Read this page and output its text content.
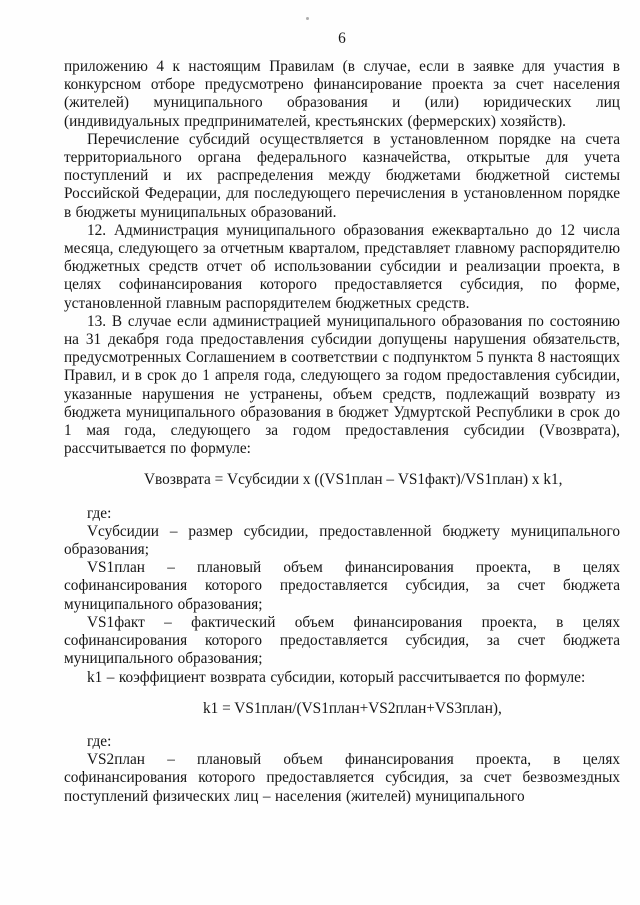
6

приложению 4 к настоящим Правилам (в случае, если в заявке для участия в конкурсном отборе предусмотрено финансирование проекта за счет населения (жителей) муниципального образования и (или) юридических лиц (индивидуальных предпринимателей, крестьянских (фермерских) хозяйств).

Перечисление субсидий осуществляется в установленном порядке на счета территориального органа федерального казначейства, открытые для учета поступлений и их распределения между бюджетами бюджетной системы Российской Федерации, для последующего перечисления в установленном порядке в бюджеты муниципальных образований.

12. Администрация муниципального образования ежеквартально до 12 числа месяца, следующего за отчетным кварталом, представляет главному распорядителю бюджетных средств отчет об использовании субсидии и реализации проекта, в целях софинансирования которого предоставляется субсидия, по форме, установленной главным распорядителем бюджетных средств.

13. В случае если администрацией муниципального образования по состоянию на 31 декабря года предоставления субсидии допущены нарушения обязательств, предусмотренных Соглашением в соответствии с подпунктом 5 пункта 8 настоящих Правил, и в срок до 1 апреля года, следующего за годом предоставления субсидии, указанные нарушения не устранены, объем средств, подлежащий возврату из бюджета муниципального образования в бюджет Удмуртской Республики в срок до 1 мая года, следующего за годом предоставления субсидии (Vвозврата), рассчитывается по формуле:

Vвозврата = Vсубсидии x ((VS1план – VS1факт)/VS1план) x k1,

где:

Vсубсидии – размер субсидии, предоставленной бюджету муниципального образования;

VS1план – плановый объем финансирования проекта, в целях софинансирования которого предоставляется субсидия, за счет бюджета муниципального образования;

VS1факт – фактический объем финансирования проекта, в целях софинансирования которого предоставляется субсидия, за счет бюджета муниципального образования;

k1 – коэффициент возврата субсидии, который рассчитывается по формуле:

k1 = VS1план/(VS1план+VS2план+VS3план),

где:

VS2план – плановый объем финансирования проекта, в целях софинансирования которого предоставляется субсидия, за счет безвозмездных поступлений физических лиц – населения (жителей) муниципального
